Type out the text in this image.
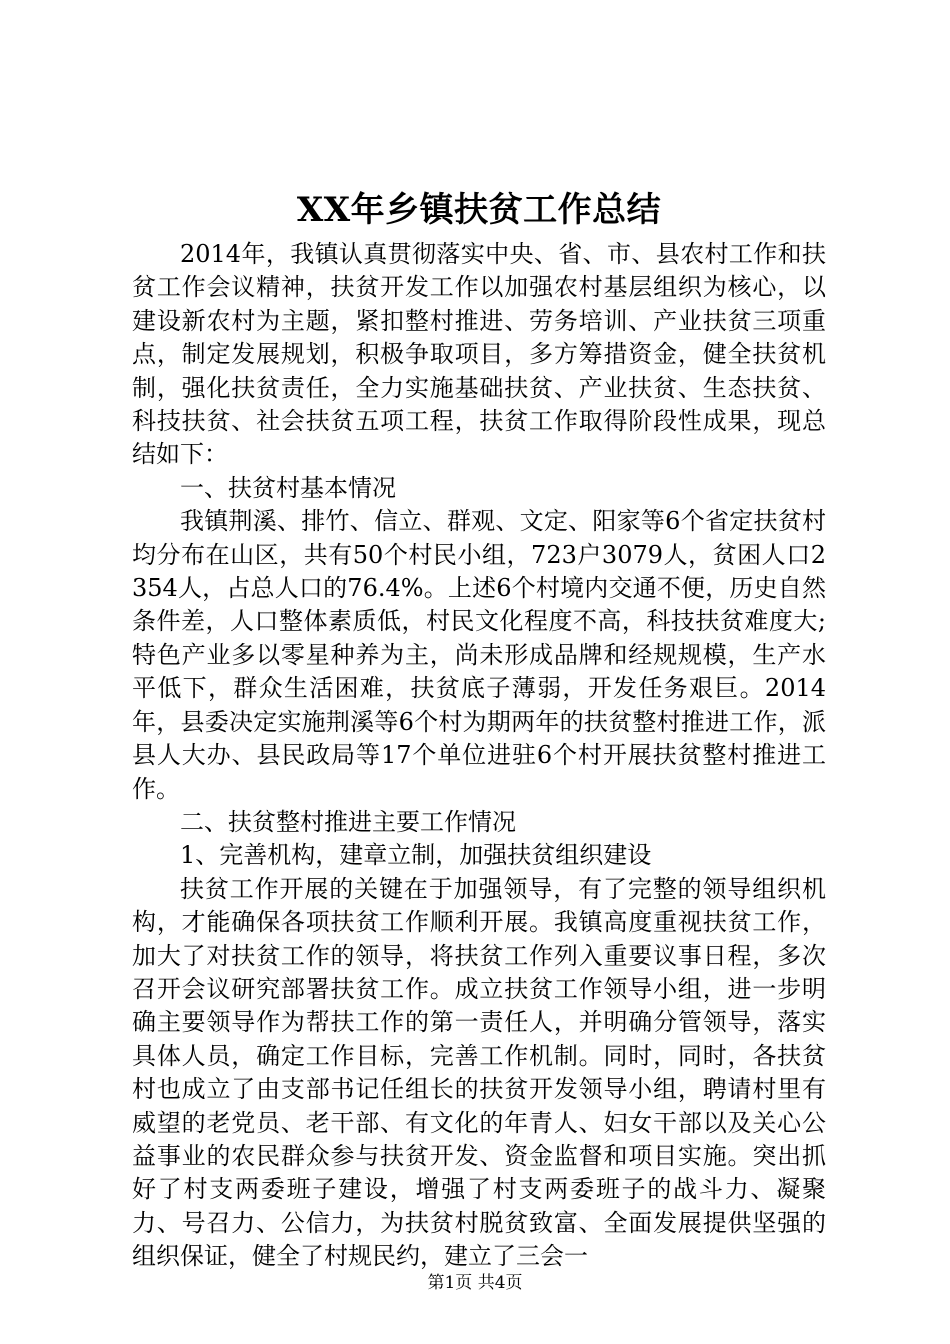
XX年乡镇扶贫工作总结

2014年，我镇认真贯彻落实中央、省、市、县农村工作和扶贫工作会议精神，扶贫开发工作以加强农村基层组织为核心，以建设新农村为主题，紧扣整村推进、劳务培训、产业扶贫三项重点，制定发展规划，积极争取项目，多方筹措资金，健全扶贫机制，强化扶贫责任，全力实施基础扶贫、产业扶贫、生态扶贫、科技扶贫、社会扶贫五项工程，扶贫工作取得阶段性成果，现总结如下：

一、扶贫村基本情况

我镇荆溪、排竹、信立、群观、文定、阳家等6个省定扶贫村均分布在山区，共有50个村民小组，723户3079人，贫困人口2354人，占总人口的76.4%。上述6个村境内交通不便，历史自然条件差，人口整体素质低，村民文化程度不高，科技扶贫难度大;特色产业多以零星种养为主，尚未形成品牌和经规规模，生产水平低下，群众生活困难，扶贫底子薄弱，开发任务艰巨。2014年，县委决定实施荆溪等6个村为期两年的扶贫整村推进工作，派县人大办、县民政局等17个单位进驻6个村开展扶贫整村推进工作。

二、扶贫整村推进主要工作情况

1、完善机构，建章立制，加强扶贫组织建设

扶贫工作开展的关键在于加强领导，有了完整的领导组织机构，才能确保各项扶贫工作顺利开展。我镇高度重视扶贫工作，加大了对扶贫工作的领导，将扶贫工作列入重要议事日程，多次召开会议研究部署扶贫工作。成立扶贫工作领导小组，进一步明确主要领导作为帮扶工作的第一责任人，并明确分管领导，落实具体人员，确定工作目标，完善工作机制。同时，同时，各扶贫村也成立了由支部书记任组长的扶贫开发领导小组，聘请村里有威望的老党员、老干部、有文化的年青人、妇女干部以及关心公益事业的农民群众参与扶贫开发、资金监督和项目实施。突出抓好了村支两委班子建设，增强了村支两委班子的战斗力、凝聚力、号召力、公信力，为扶贫村脱贫致富、全面发展提供坚强的组织保证，健全了村规民约，建立了三会一

第1页 共4页
